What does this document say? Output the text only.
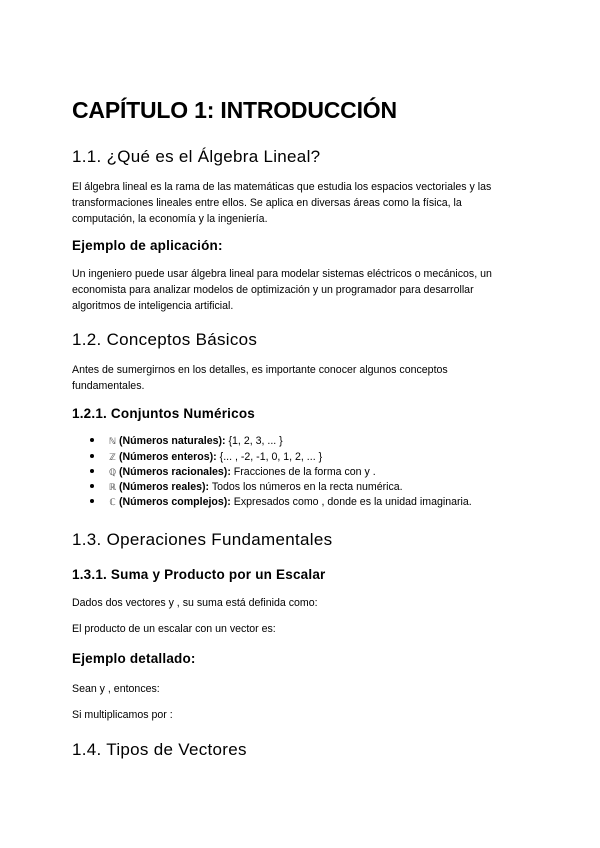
CAPÍTULO 1: INTRODUCCIÓN
1.1. ¿Qué es el Álgebra Lineal?
El álgebra lineal es la rama de las matemáticas que estudia los espacios vectoriales y las
transformaciones lineales entre ellos. Se aplica en diversas áreas como la física, la
computación, la economía y la ingeniería.
Ejemplo de aplicación:
Un ingeniero puede usar álgebra lineal para modelar sistemas eléctricos o mecánicos, un
economista para analizar modelos de optimización y un programador para desarrollar
algoritmos de inteligencia artificial.
1.2. Conceptos Básicos
Antes de sumergirnos en los detalles, es importante conocer algunos conceptos
fundamentales.
1.2.1. Conjuntos Numéricos
ℕ (Números naturales): {1, 2, 3, ... }
ℤ (Números enteros): {... , -2, -1, 0, 1, 2, ... }
ℚ (Números racionales): Fracciones de la forma con y .
ℝ (Números reales): Todos los números en la recta numérica.
ℂ (Números complejos): Expresados como , donde es la unidad imaginaria.
1.3. Operaciones Fundamentales
1.3.1. Suma y Producto por un Escalar
Dados dos vectores y , su suma está definida como:
El producto de un escalar con un vector es:
Ejemplo detallado:
Sean y , entonces:
Si multiplicamos por :
1.4. Tipos de Vectores
